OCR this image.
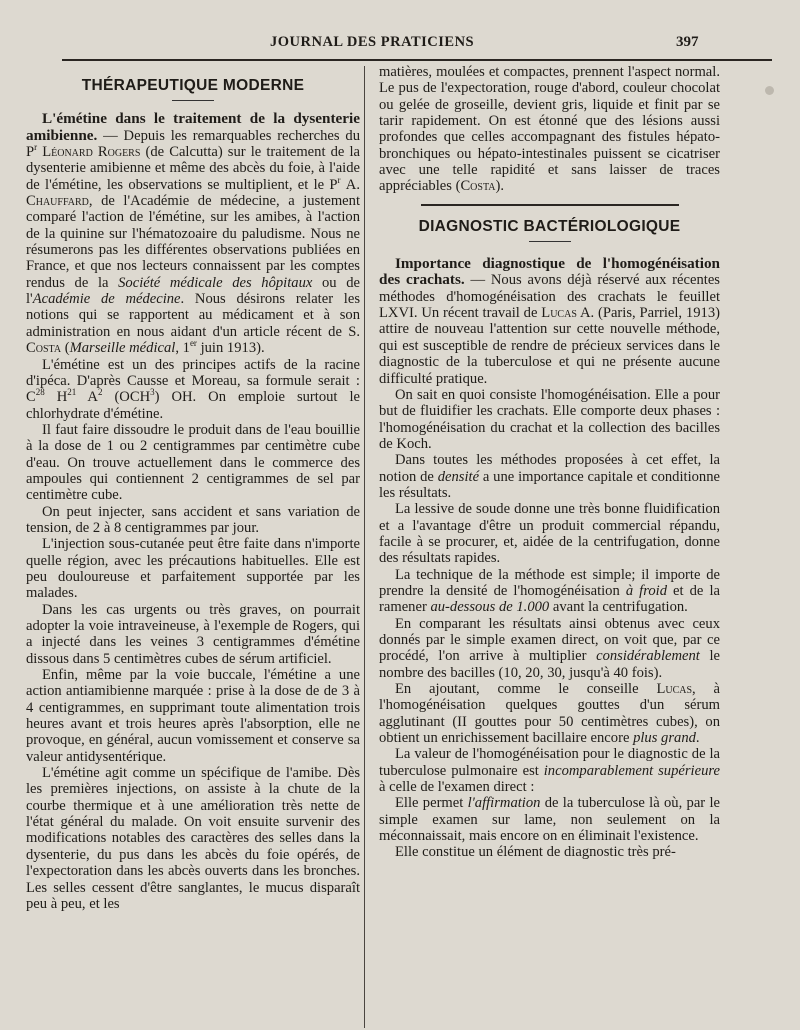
JOURNAL DES PRATICIENS	397
THÉRAPEUTIQUE MODERNE

L'émétine dans le traitement de la dysenterie amibienne. — Depuis les remarquables recherches du $P^r$ Léonard Rogers (de Calcutta) sur le traitement de la dysenterie amibienne et même des abcès du foie, à l'aide de l'émétine, les observations se multiplient, et le $P^r$ A. Chauffard, de l'Académie de médecine, a justement comparé l'action de l'émétine, sur les amibes, à l'action de la quinine sur l'hématozoaire du paludisme. Nous ne résumerons pas les différentes observations publiées en France, et que nos lecteurs connaissent par les comptes rendus de la Société médicale des hôpitaux ou de l'Académie de médecine. Nous désirons relater les notions qui se rapportent au médicament et à son administration en nous aidant d'un article récent de S. Costa (Marseille médical, 1er juin 1913).

L'émétine est un des principes actifs de la racine d'ipéca. D'après Causse et Moreau, sa formule serait : $C^{28}$ $H^{21}$ $A^2$ (OCH$^3$) OH. On emploie surtout le chlorhydrate d'émétine.

Il faut faire dissoudre le produit dans de l'eau bouillie à la dose de 1 ou 2 centigrammes par centimètre cube d'eau. On trouve actuellement dans le commerce des ampoules qui contiennent 2 centigrammes de sel par centimètre cube.

On peut injecter, sans accident et sans variation de tension, de 2 à 8 centigrammes par jour.

L'injection sous-cutanée peut être faite dans n'importe quelle région, avec les précautions habituelles. Elle est peu douloureuse et parfaitement supportée par les malades.

Dans les cas urgents ou très graves, on pourrait adopter la voie intraveineuse, à l'exemple de Rogers, qui a injecté dans les veines 3 centigrammes d'émétine dissous dans 5 centimètres cubes de sérum artificiel.

Enfin, même par la voie buccale, l'émétine a une action antiamibienne marquée : prise à la dose de de 3 à 4 centigrammes, en supprimant toute alimentation trois heures avant et trois heures après l'absorption, elle ne provoque, en général, aucun vomissement et conserve sa valeur antidysentérique.

L'émétine agit comme un spécifique de l'amibe. Dès les premières injections, on assiste à la chute de la courbe thermique et à une amélioration très nette de l'état général du malade. On voit ensuite survenir des modifications notables des caractères des selles dans la dysenterie, du pus dans les abcès du foie opérés, de l'expectoration dans les abcès ouverts dans les bronches. Les selles cessent d'être sanglantes, le mucus disparaît peu à peu, et les

matières, moulées et compactes, prennent l'aspect normal. Le pus de l'expectoration, rouge d'abord, couleur chocolat ou gelée de groseille, devient gris, liquide et finit par se tarir rapidement. On est étonné que des lésions aussi profondes que celles accompagnant des fistules hépato-bronchiques ou hépato-intestinales puissent se cicatriser avec une telle rapidité et sans laisser de traces appréciables (Costa).

DIAGNOSTIC BACTÉRIOLOGIQUE

Importance diagnostique de l'homogénéisation des crachats. — Nous avons déjà réservé aux récentes méthodes d'homogénéisation des crachats le feuillet LXVI. Un récent travail de Lucas A. (Paris, Parriel, 1913) attire de nouveau l'attention sur cette nouvelle méthode, qui est susceptible de rendre de précieux services dans le diagnostic de la tuberculose et qui ne présente aucune difficulté pratique.

On sait en quoi consiste l'homogénéisation. Elle a pour but de fluidifier les crachats. Elle comporte deux phases : l'homogénéisation du crachat et la collection des bacilles de Koch.

Dans toutes les méthodes proposées à cet effet, la notion de densité a une importance capitale et conditionne les résultats.

La lessive de soude donne une très bonne fluidification et a l'avantage d'être un produit commercial répandu, facile à se procurer, et, aidée de la centrifugation, donne des résultats rapides.

La technique de la méthode est simple; il importe de prendre la densité de l'homogénéisation à froid et de la ramener au-dessous de 1.000 avant la centrifugation.

En comparant les résultats ainsi obtenus avec ceux donnés par le simple examen direct, on voit que, par ce procédé, l'on arrive à multiplier considérablement le nombre des bacilles (10, 20, 30, jusqu'à 40 fois).

En ajoutant, comme le conseille Lucas, à l'homogénéisation quelques gouttes d'un sérum agglutinant (II gouttes pour 50 centimètres cubes), on obtient un enrichissement bacillaire encore plus grand.

La valeur de l'homogénéisation pour le diagnostic de la tuberculose pulmonaire est incomparablement supérieure à celle de l'examen direct :

Elle permet l'affirmation de la tuberculose là où, par le simple examen sur lame, non seulement on la méconnaissait, mais encore on en éliminait l'existence.

Elle constitue un élément de diagnostic très pré-
